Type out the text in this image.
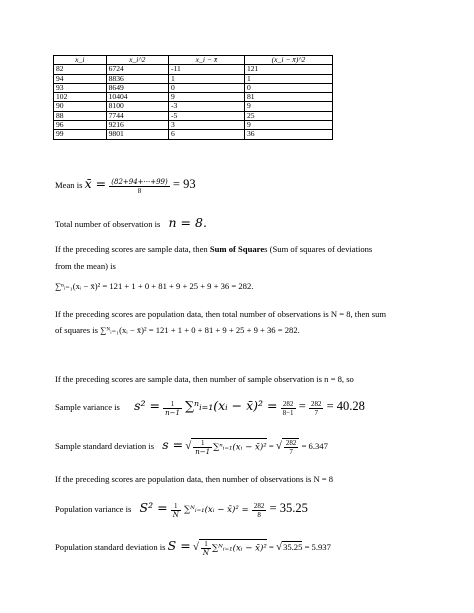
x_i	x_i^2	x_i − x̄	(x_i − x̄)^2
82	6724	-11	121
94	8836	1	1
93	8649	0	0
102	10404	9	81
90	8100	-3	9
88	7744	-5	25
96	9216	3	9
99	9801	6	36
Mean is x̄ = $\frac{(82+94+\cdot\cdot\cdot+99)}{8} = 93$
Total number of observation is n = 8.
If the preceding scores are sample data, then Sum of Squares (Sum of squares of deviations
from the mean) is
∑ⁿᵢ₌₁(xᵢ − x̄)² = 121 + 1 + 0 + 81 + 9 + 25 + 9 + 36 = 282.
If the preceding scores are population data, then total number of observations is N = 8, then sum
of squares is ∑ᴺᵢ₌₁(xᵢ − x̄)² = 121 + 1 + 0 + 81 + 9 + 25 + 9 + 36 = 282.
If the preceding scores are sample data, then number of sample observation is n = 8, so
Sample variance is $s^2 = \frac{1}{n-1}$ ∑ⁿᵢ₌₁(xᵢ − x̄)² = $\frac{282}{8-1} = \frac{282}{7} = 40.28$
Sample standard deviation is s = √ $\frac{1}{n-1}$ ∑ⁿᵢ₌₁(xᵢ − x̄)² = √ $\frac{282}{7} = 6.347$
If the preceding scores are population data, then number of observations is N = 8
Population variance is $S^2 = \frac{1}{N}$ ∑ᴺᵢ₌₁(xᵢ − x̄)² = $\frac{282}{8} = 35.25$
Population standard deviation is S = √ $\frac{1}{N}$ ∑ᴺᵢ₌₁(xᵢ − x̄)² = √35.25 = 5.937
